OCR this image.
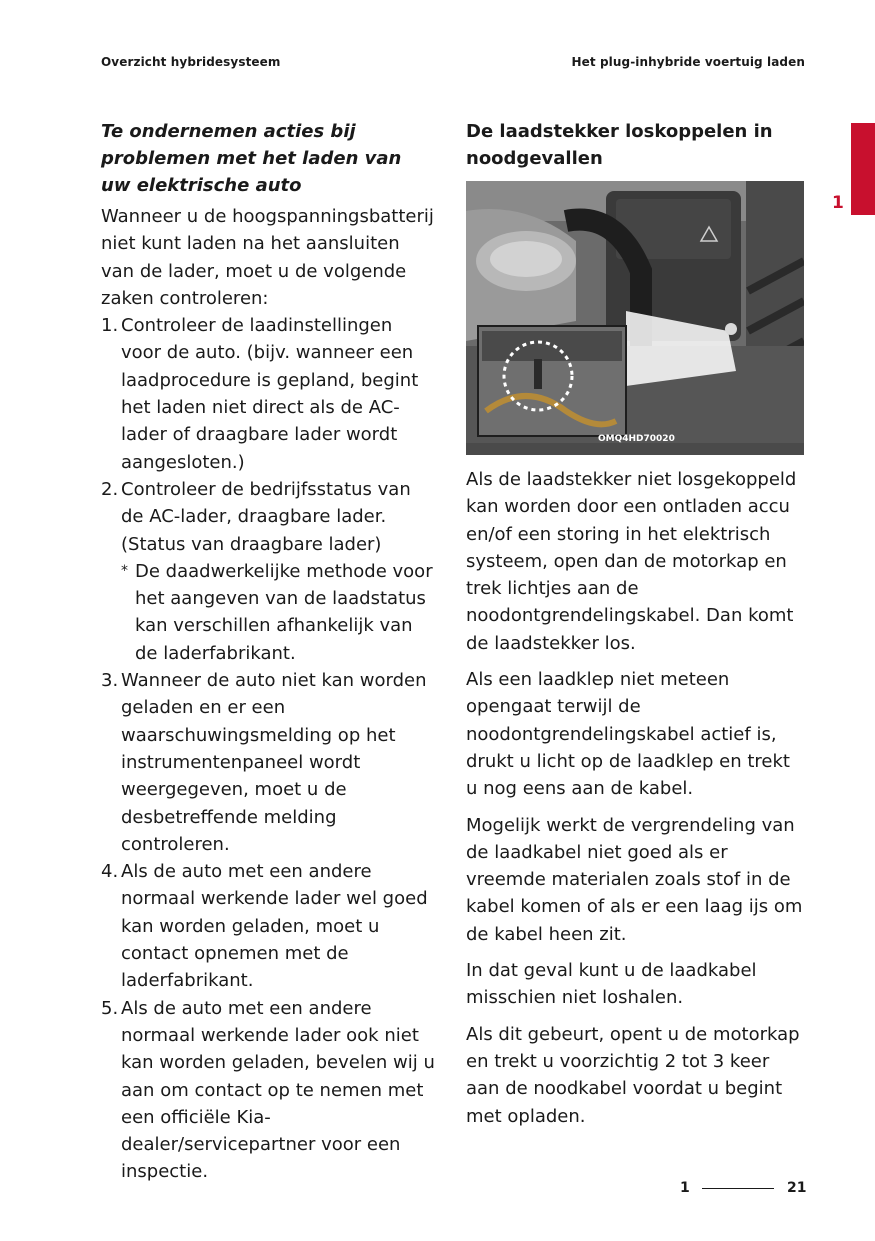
Overzicht hybridesysteem	Het plug-inhybride voertuig laden
1
Te ondernemen acties bij problemen met het laden van uw elektrische auto

Wanneer u de hoogspanningsbatterij niet kunt laden na het aansluiten van de lader, moet u de volgende zaken controleren:

1. Controleer de laadinstellingen voor de auto. (bijv. wanneer een laadprocedure is gepland, begint het laden niet direct als de AC-lader of draagbare lader wordt aangesloten.)
2. Controleer de bedrijfsstatus van de AC-lader, draagbare lader. (Status van draagbare lader)
* De daadwerkelijke methode voor het aangeven van de laadstatus kan verschillen afhankelijk van de laderfabrikant.
3. Wanneer de auto niet kan worden geladen en er een waarschuwingsmelding op het instrumentenpaneel wordt weergegeven, moet u de desbetreffende melding controleren.
4. Als de auto met een andere normaal werkende lader wel goed kan worden geladen, moet u contact opnemen met de laderfabrikant.
5. Als de auto met een andere normaal werkende lader ook niet kan worden geladen, bevelen wij u aan om contact op te nemen met een officiële Kia-dealer/servicepartner voor een inspectie.
De laadstekker loskoppelen in noodgevallen
OMQ4HD70020

Als de laadstekker niet losgekoppeld kan worden door een ontladen accu en/of een storing in het elektrisch systeem, open dan de motorkap en trek lichtjes aan de noodontgrendelingskabel. Dan komt de laadstekker los.

Als een laadklep niet meteen opengaat terwijl de noodontgrendelingskabel actief is, drukt u licht op de laadklep en trekt u nog eens aan de kabel.

Mogelijk werkt de vergrendeling van de laadkabel niet goed als er vreemde materialen zoals stof in de kabel komen of als er een laag ijs om de kabel heen zit.

In dat geval kunt u de laadkabel misschien niet loshalen.

Als dit gebeurt, opent u de motorkap en trekt u voorzichtig 2 tot 3 keer aan de noodkabel voordat u begint met opladen.

1	21
